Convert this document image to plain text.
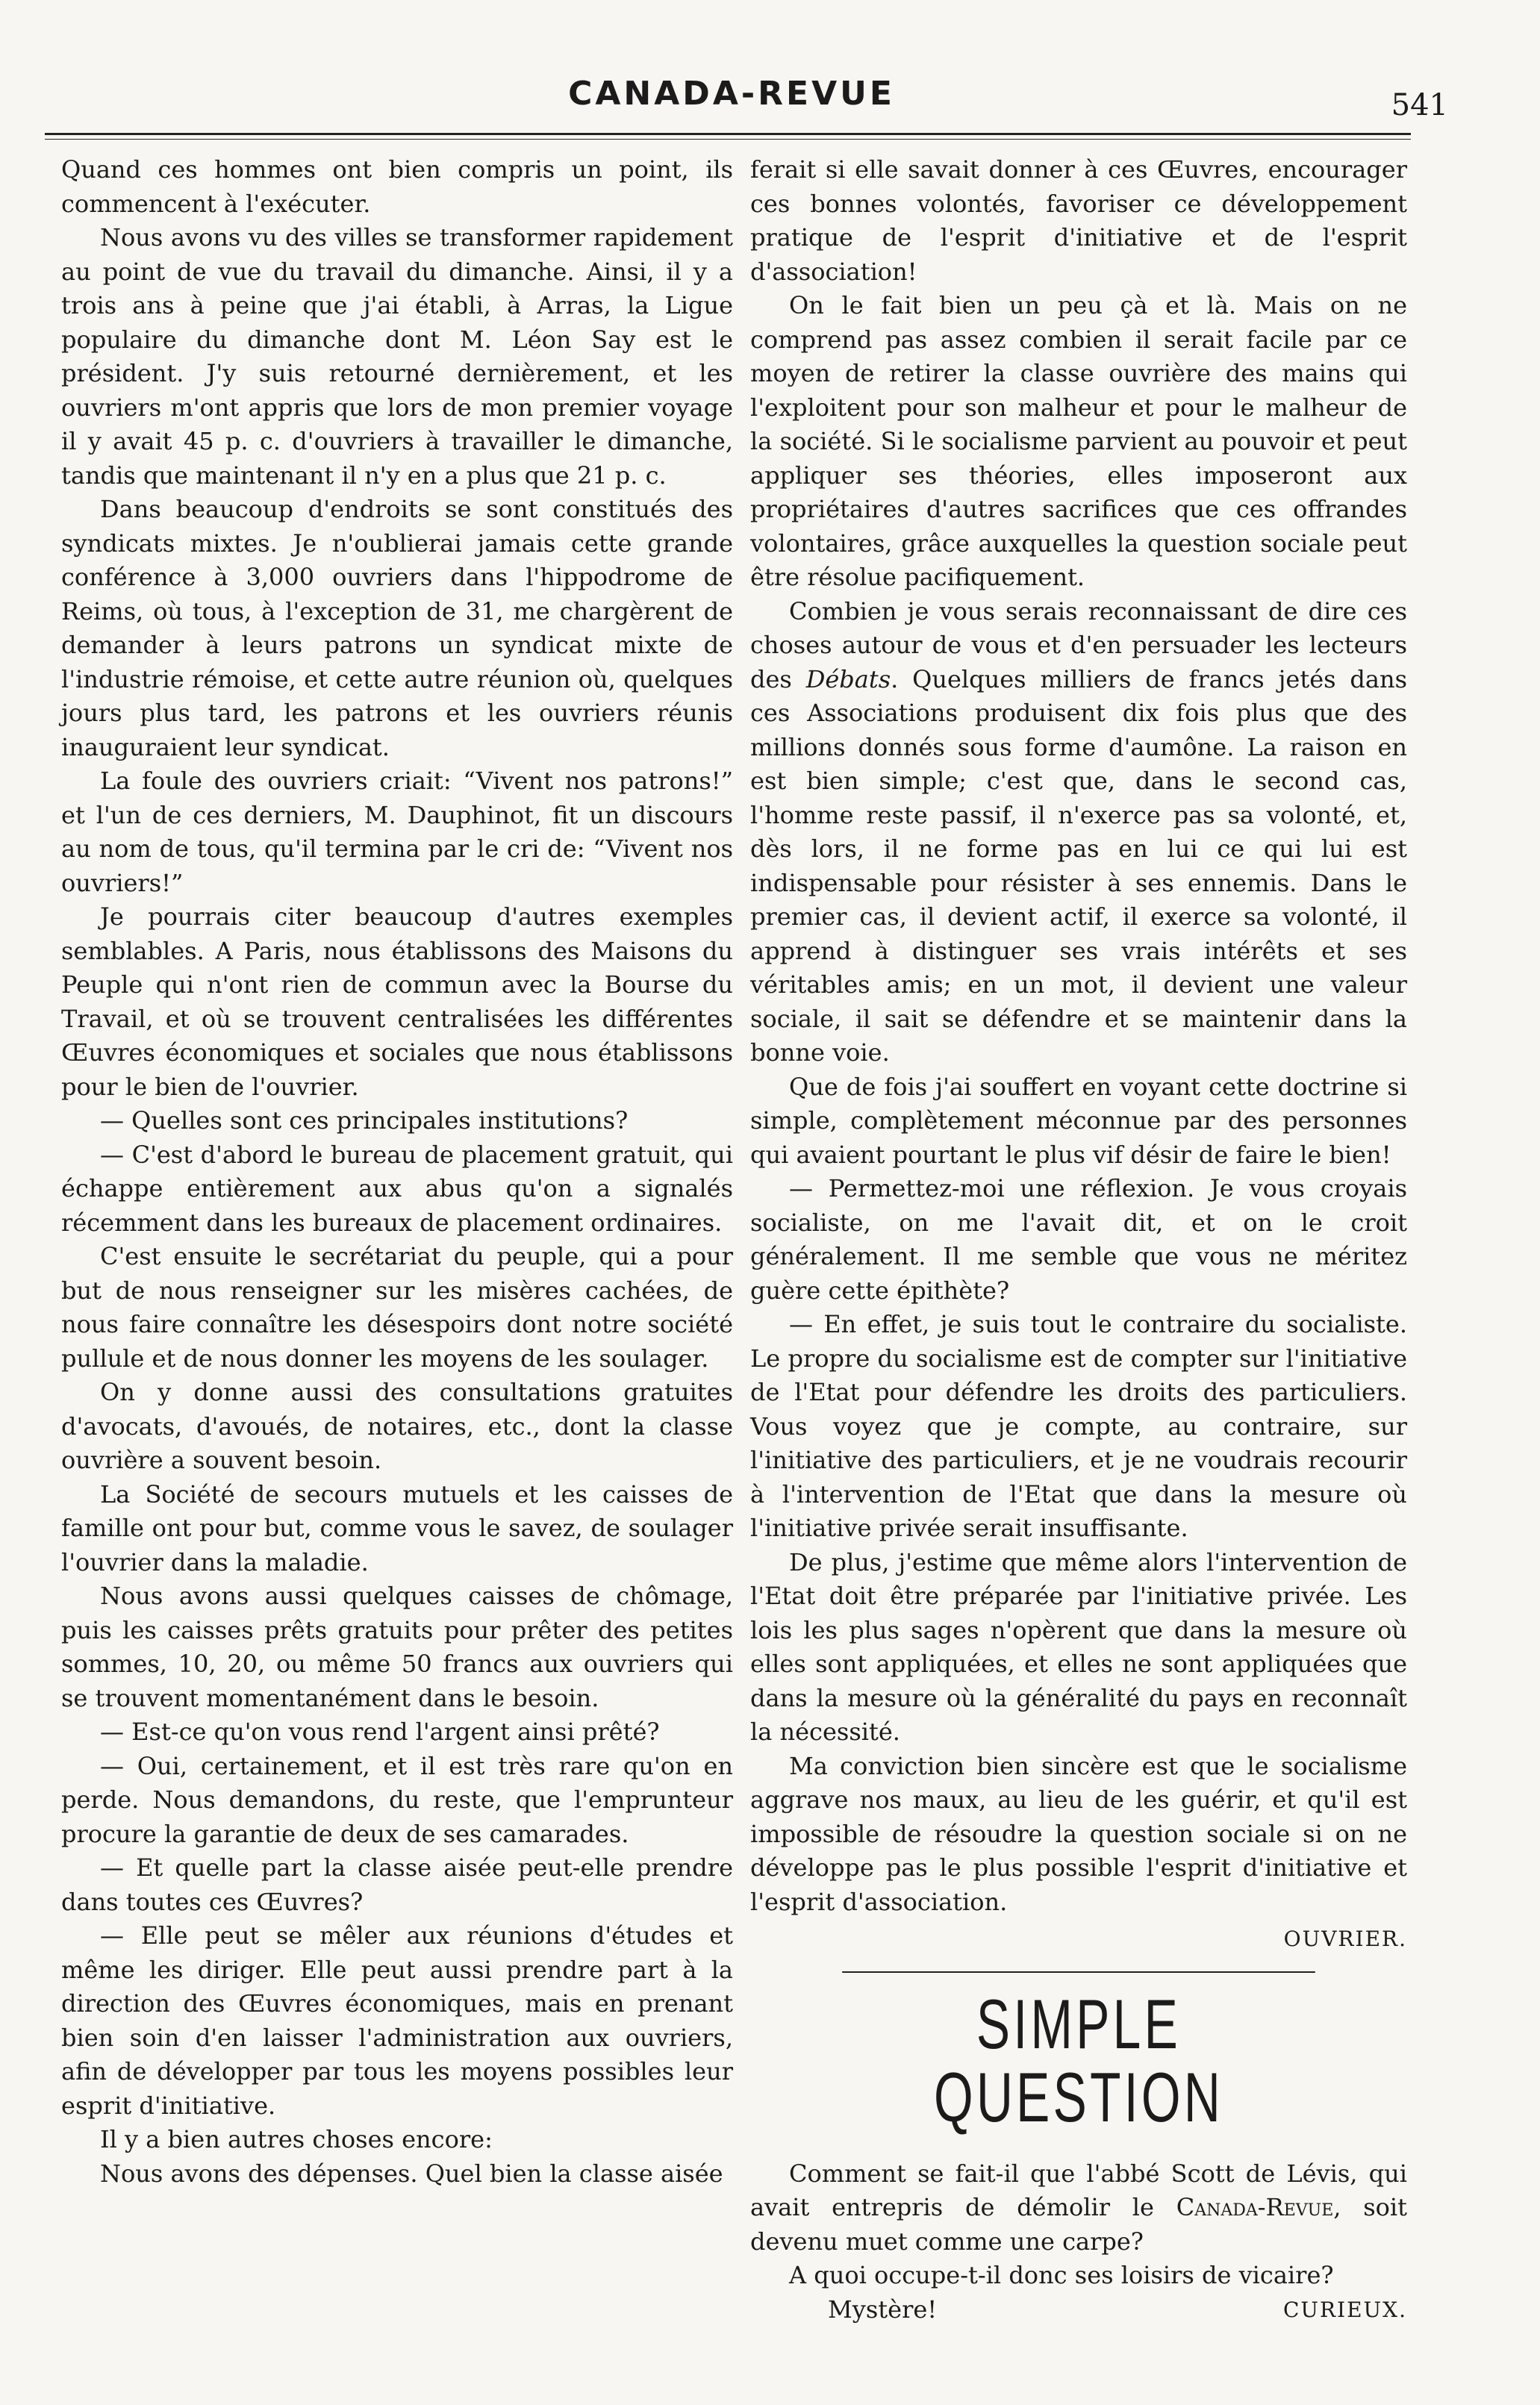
CANADA-REVUE	541

Quand ces hommes ont bien compris un point, ils commencent à l'exécuter.

Nous avons vu des villes se transformer rapidement au point de vue du travail du dimanche. Ainsi, il y a trois ans à peine que j'ai établi, à Arras, la Ligue populaire du dimanche dont M. Léon Say est le président. J'y suis retourné dernièrement, et les ouvriers m'ont appris que lors de mon premier voyage il y avait 45 p. c. d'ouvriers à travailler le dimanche, tandis que maintenant il n'y en a plus que 21 p. c.

Dans beaucoup d'endroits se sont constitués des syndicats mixtes. Je n'oublierai jamais cette grande conférence à 3,000 ouvriers dans l'hippodrome de Reims, où tous, à l'exception de 31, me chargèrent de demander à leurs patrons un syndicat mixte de l'industrie rémoise, et cette autre réunion où, quelques jours plus tard, les patrons et les ouvriers réunis inauguraient leur syndicat.

La foule des ouvriers criait: “Vivent nos patrons!” et l'un de ces derniers, M. Dauphinot, fit un discours au nom de tous, qu'il termina par le cri de: “Vivent nos ouvriers!”

Je pourrais citer beaucoup d'autres exemples semblables. A Paris, nous établissons des Maisons du Peuple qui n'ont rien de commun avec la Bourse du Travail, et où se trouvent centralisées les différentes Œuvres économiques et sociales que nous établissons pour le bien de l'ouvrier.

— Quelles sont ces principales institutions?

— C'est d'abord le bureau de placement gratuit, qui échappe entièrement aux abus qu'on a signalés récemment dans les bureaux de placement ordinaires.

C'est ensuite le secrétariat du peuple, qui a pour but de nous renseigner sur les misères cachées, de nous faire connaître les désespoirs dont notre société pullule et de nous donner les moyens de les soulager.

On y donne aussi des consultations gratuites d'avocats, d'avoués, de notaires, etc., dont la classe ouvrière a souvent besoin.

La Société de secours mutuels et les caisses de famille ont pour but, comme vous le savez, de soulager l'ouvrier dans la maladie.

Nous avons aussi quelques caisses de chômage, puis les caisses prêts gratuits pour prêter des petites sommes, 10, 20, ou même 50 francs aux ouvriers qui se trouvent momentanément dans le besoin.

— Est-ce qu'on vous rend l'argent ainsi prêté?

— Oui, certainement, et il est très rare qu'on en perde. Nous demandons, du reste, que l'emprunteur procure la garantie de deux de ses camarades.

— Et quelle part la classe aisée peut-elle prendre dans toutes ces Œuvres?

— Elle peut se mêler aux réunions d'études et même les diriger. Elle peut aussi prendre part à la direction des Œuvres économiques, mais en prenant bien soin d'en laisser l'administration aux ouvriers, afin de développer par tous les moyens possibles leur esprit d'initiative.

Il y a bien autres choses encore:

Nous avons des dépenses. Quel bien la classe aisée

ferait si elle savait donner à ces Œuvres, encourager ces bonnes volontés, favoriser ce développement pratique de l'esprit d'initiative et de l'esprit d'association!

On le fait bien un peu çà et là. Mais on ne comprend pas assez combien il serait facile par ce moyen de retirer la classe ouvrière des mains qui l'exploitent pour son malheur et pour le malheur de la société. Si le socialisme parvient au pouvoir et peut appliquer ses théories, elles imposeront aux propriétaires d'autres sacrifices que ces offrandes volontaires, grâce auxquelles la question sociale peut être résolue pacifiquement.

Combien je vous serais reconnaissant de dire ces choses autour de vous et d'en persuader les lecteurs des Débats. Quelques milliers de francs jetés dans ces Associations produisent dix fois plus que des millions donnés sous forme d'aumône. La raison en est bien simple; c'est que, dans le second cas, l'homme reste passif, il n'exerce pas sa volonté, et, dès lors, il ne forme pas en lui ce qui lui est indispensable pour résister à ses ennemis. Dans le premier cas, il devient actif, il exerce sa volonté, il apprend à distinguer ses vrais intérêts et ses véritables amis; en un mot, il devient une valeur sociale, il sait se défendre et se maintenir dans la bonne voie.

Que de fois j'ai souffert en voyant cette doctrine si simple, complètement méconnue par des personnes qui avaient pourtant le plus vif désir de faire le bien!

— Permettez-moi une réflexion. Je vous croyais socialiste, on me l'avait dit, et on le croit généralement. Il me semble que vous ne méritez guère cette épithète?

— En effet, je suis tout le contraire du socialiste. Le propre du socialisme est de compter sur l'initiative de l'Etat pour défendre les droits des particuliers. Vous voyez que je compte, au contraire, sur l'initiative des particuliers, et je ne voudrais recourir à l'intervention de l'Etat que dans la mesure où l'initiative privée serait insuffisante.

De plus, j'estime que même alors l'intervention de l'Etat doit être préparée par l'initiative privée. Les lois les plus sages n'opèrent que dans la mesure où elles sont appliquées, et elles ne sont appliquées que dans la mesure où la généralité du pays en reconnaît la nécessité.

Ma conviction bien sincère est que le socialisme aggrave nos maux, au lieu de les guérir, et qu'il est impossible de résoudre la question sociale si on ne développe pas le plus possible l'esprit d'initiative et l'esprit d'association.

OUVRIER.
SIMPLE QUESTION

Comment se fait-il que l'abbé Scott de Lévis, qui avait entrepris de démolir le Canada-Revue, soit devenu muet comme une carpe?

A quoi occupe-t-il donc ses loisirs de vicaire?

Mystère!	CURIEUX.
